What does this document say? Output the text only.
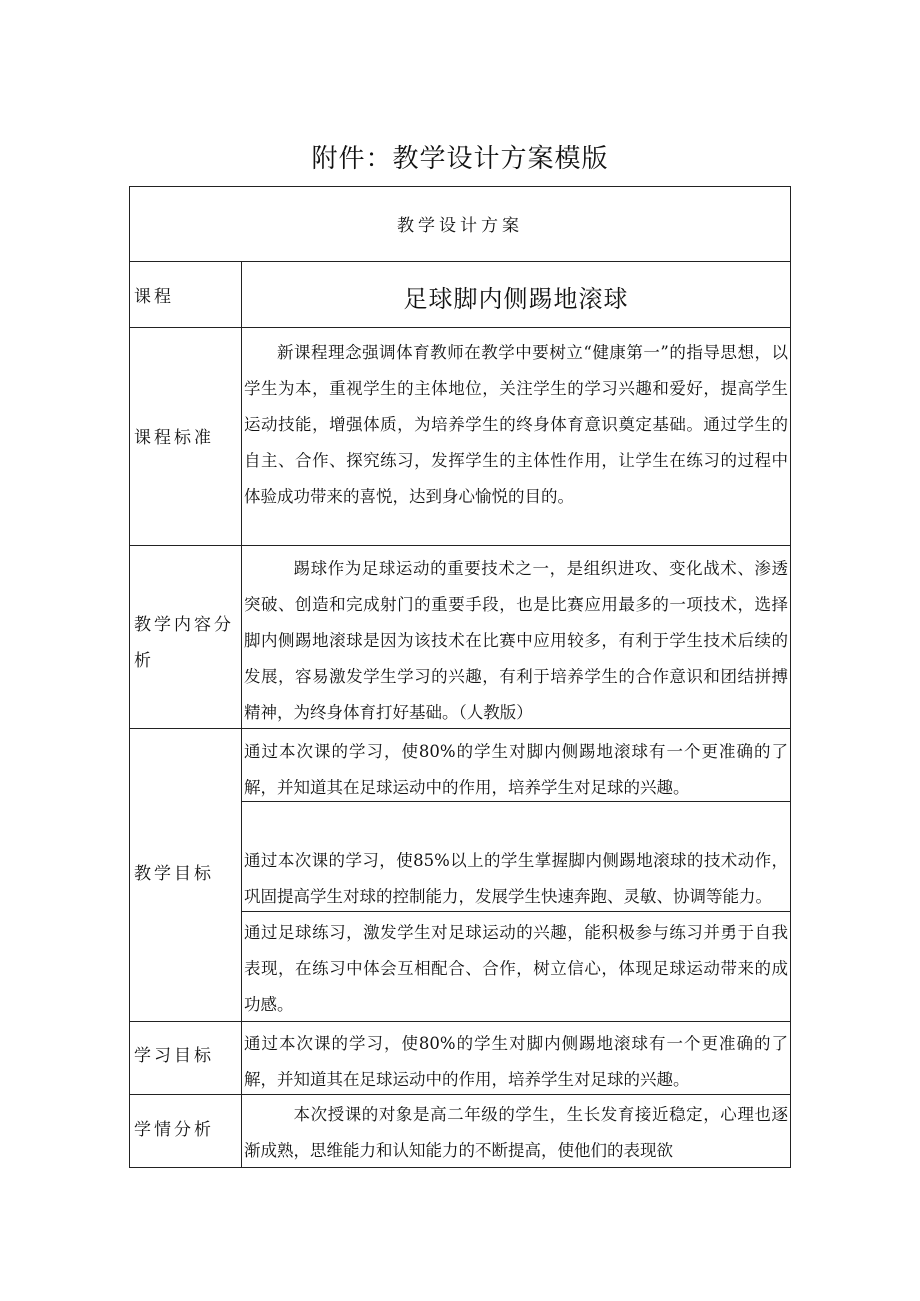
附件：教学设计方案模版
教学设计方案
课程	足球脚内侧踢地滚球
课程标准
新课程理念强调体育教师在教学中要树立“健康第一”的指导思想，以学生为本，重视学生的主体地位，关注学生的学习兴趣和爱好，提高学生运动技能，增强体质，为培养学生的终身体育意识奠定基础。通过学生的自主、合作、探究练习，发挥学生的主体性作用，让学生在练习的过程中体验成功带来的喜悦，达到身心愉悦的目的。
教学内容分析
踢球作为足球运动的重要技术之一，是组织进攻、变化战术、渗透突破、创造和完成射门的重要手段，也是比赛应用最多的一项技术，选择脚内侧踢地滚球是因为该技术在比赛中应用较多，有利于学生技术后续的发展，容易激发学生学习的兴趣，有利于培养学生的合作意识和团结拼搏精神，为终身体育打好基础。（人教版）
教学目标
通过本次课的学习，使80%的学生对脚内侧踢地滚球有一个更准确的了解，并知道其在足球运动中的作用，培养学生对足球的兴趣。
通过本次课的学习，使85%以上的学生掌握脚内侧踢地滚球的技术动作，巩固提高学生对球的控制能力，发展学生快速奔跑、灵敏、协调等能力。
通过足球练习，激发学生对足球运动的兴趣，能积极参与练习并勇于自我表现，在练习中体会互相配合、合作，树立信心，体现足球运动带来的成功感。
学习目标
通过本次课的学习，使80%的学生对脚内侧踢地滚球有一个更准确的了解，并知道其在足球运动中的作用，培养学生对足球的兴趣。
学情分析
本次授课的对象是高二年级的学生，生长发育接近稳定，心理也逐渐成熟，思维能力和认知能力的不断提高，使他们的表现欲
